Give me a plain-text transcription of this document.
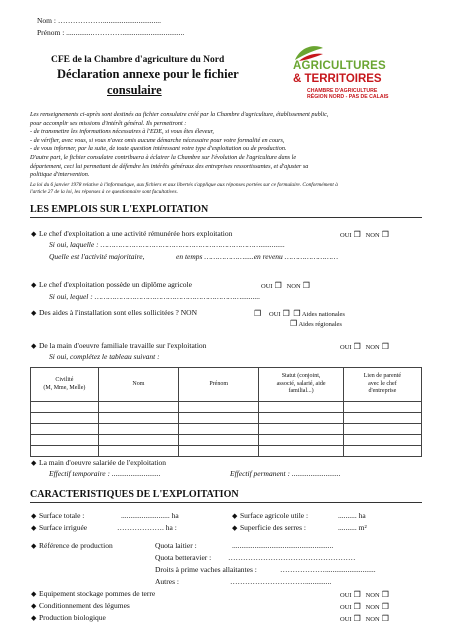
Nom : ………………...............................
Prénom : ..............………….................................
CFE de la Chambre d'agriculture du Nord
Déclaration annexe pour le fichier
consulaire
AGRICULTURES
& TERRITOIRES
CHAMBRE D'AGRICULTURE
RÉGION NORD - PAS DE CALAIS
Les renseignements ci-après sont destinés au fichier consulaire créé par la Chambre d'agriculture, établissement public,
pour accomplir ses missions d'intérêt général. Ils permettront :
- de transmettre les informations nécessaires à l'EDE, si vous êtes éleveur,
- de vérifier, avec vous, si vous n'avez omis aucune démarche nécessaire pour votre formalité en cours,
- de vous informer, par la suite, de toute question intéressant votre type d'exploitation ou de production.
D'autre part, le fichier consulaire contribuera à éclairer la Chambre sur l'évolution de l'agriculture dans le
département, ceci lui permettant de défendre les intérêts généraux des entreprises ressortissantes, et d'ajuster sa
politique d'intervention.
La loi du 6 janvier 1978 relative à l'informatique, aux fichiers et aux libertés s'applique aux réponses portées sur ce formulaire. Conformément à
l'article 27 de la loi, les réponses à ce questionnaire sont facultatives.
LES EMPLOIS SUR L'EXPLOITATION
◆ Le chef d'exploitation a une activité rémunérée hors exploitation	OUI ❒ NON ❒
Si oui, laquelle : ……………………………………………………………….............
Quelle est l'activité majoritaire,	en temps ……………….....en revenu ……………………
◆ Le chef d'exploitation possède un diplôme agricole	OUI ❒ NON ❒
Si oui, lequel : …………………………………………………………..........
◆ Des aides à l'installation sont elles sollicitées ? NON	❒ OUI ❒ ❒ Aides nationales
❒ Aides régionales
◆ De la main d'oeuvre familiale travaille sur l'exploitation	OUI ❒ NON ❒
Si oui, complétez le tableau suivant :
Civilité
(M, Mme, Melle)	Nom	Prénom	Statut (conjoint,
associé, salarié, aide
familial...)	Lien de parenté
avec le chef
d'entreprise

◆ La main d'oeuvre salariée de l'exploitation
Effectif temporaire : ..........................	Effectif permanent : ..........................
CARACTERISTIQUES DE L'EXPLOITATION
◆ Surface totale :	.......................... ha	◆ Surface agricole utile :	.......... ha
◆ Surface irriguée	………………. ha :	◆ Superficie des serres :	.......... m²
◆ Référence de production	Quota laitier :	......................................................
Quota betteravier : ……………………………………………
Droits à prime vaches allaitantes :	………………...........................
Autres :	…………………………..............
◆ Equipement stockage pommes de terre	OUI ❒ NON ❒
◆ Conditionnement des légumes	OUI ❒ NON ❒
◆ Production biologique	OUI ❒ NON ❒
